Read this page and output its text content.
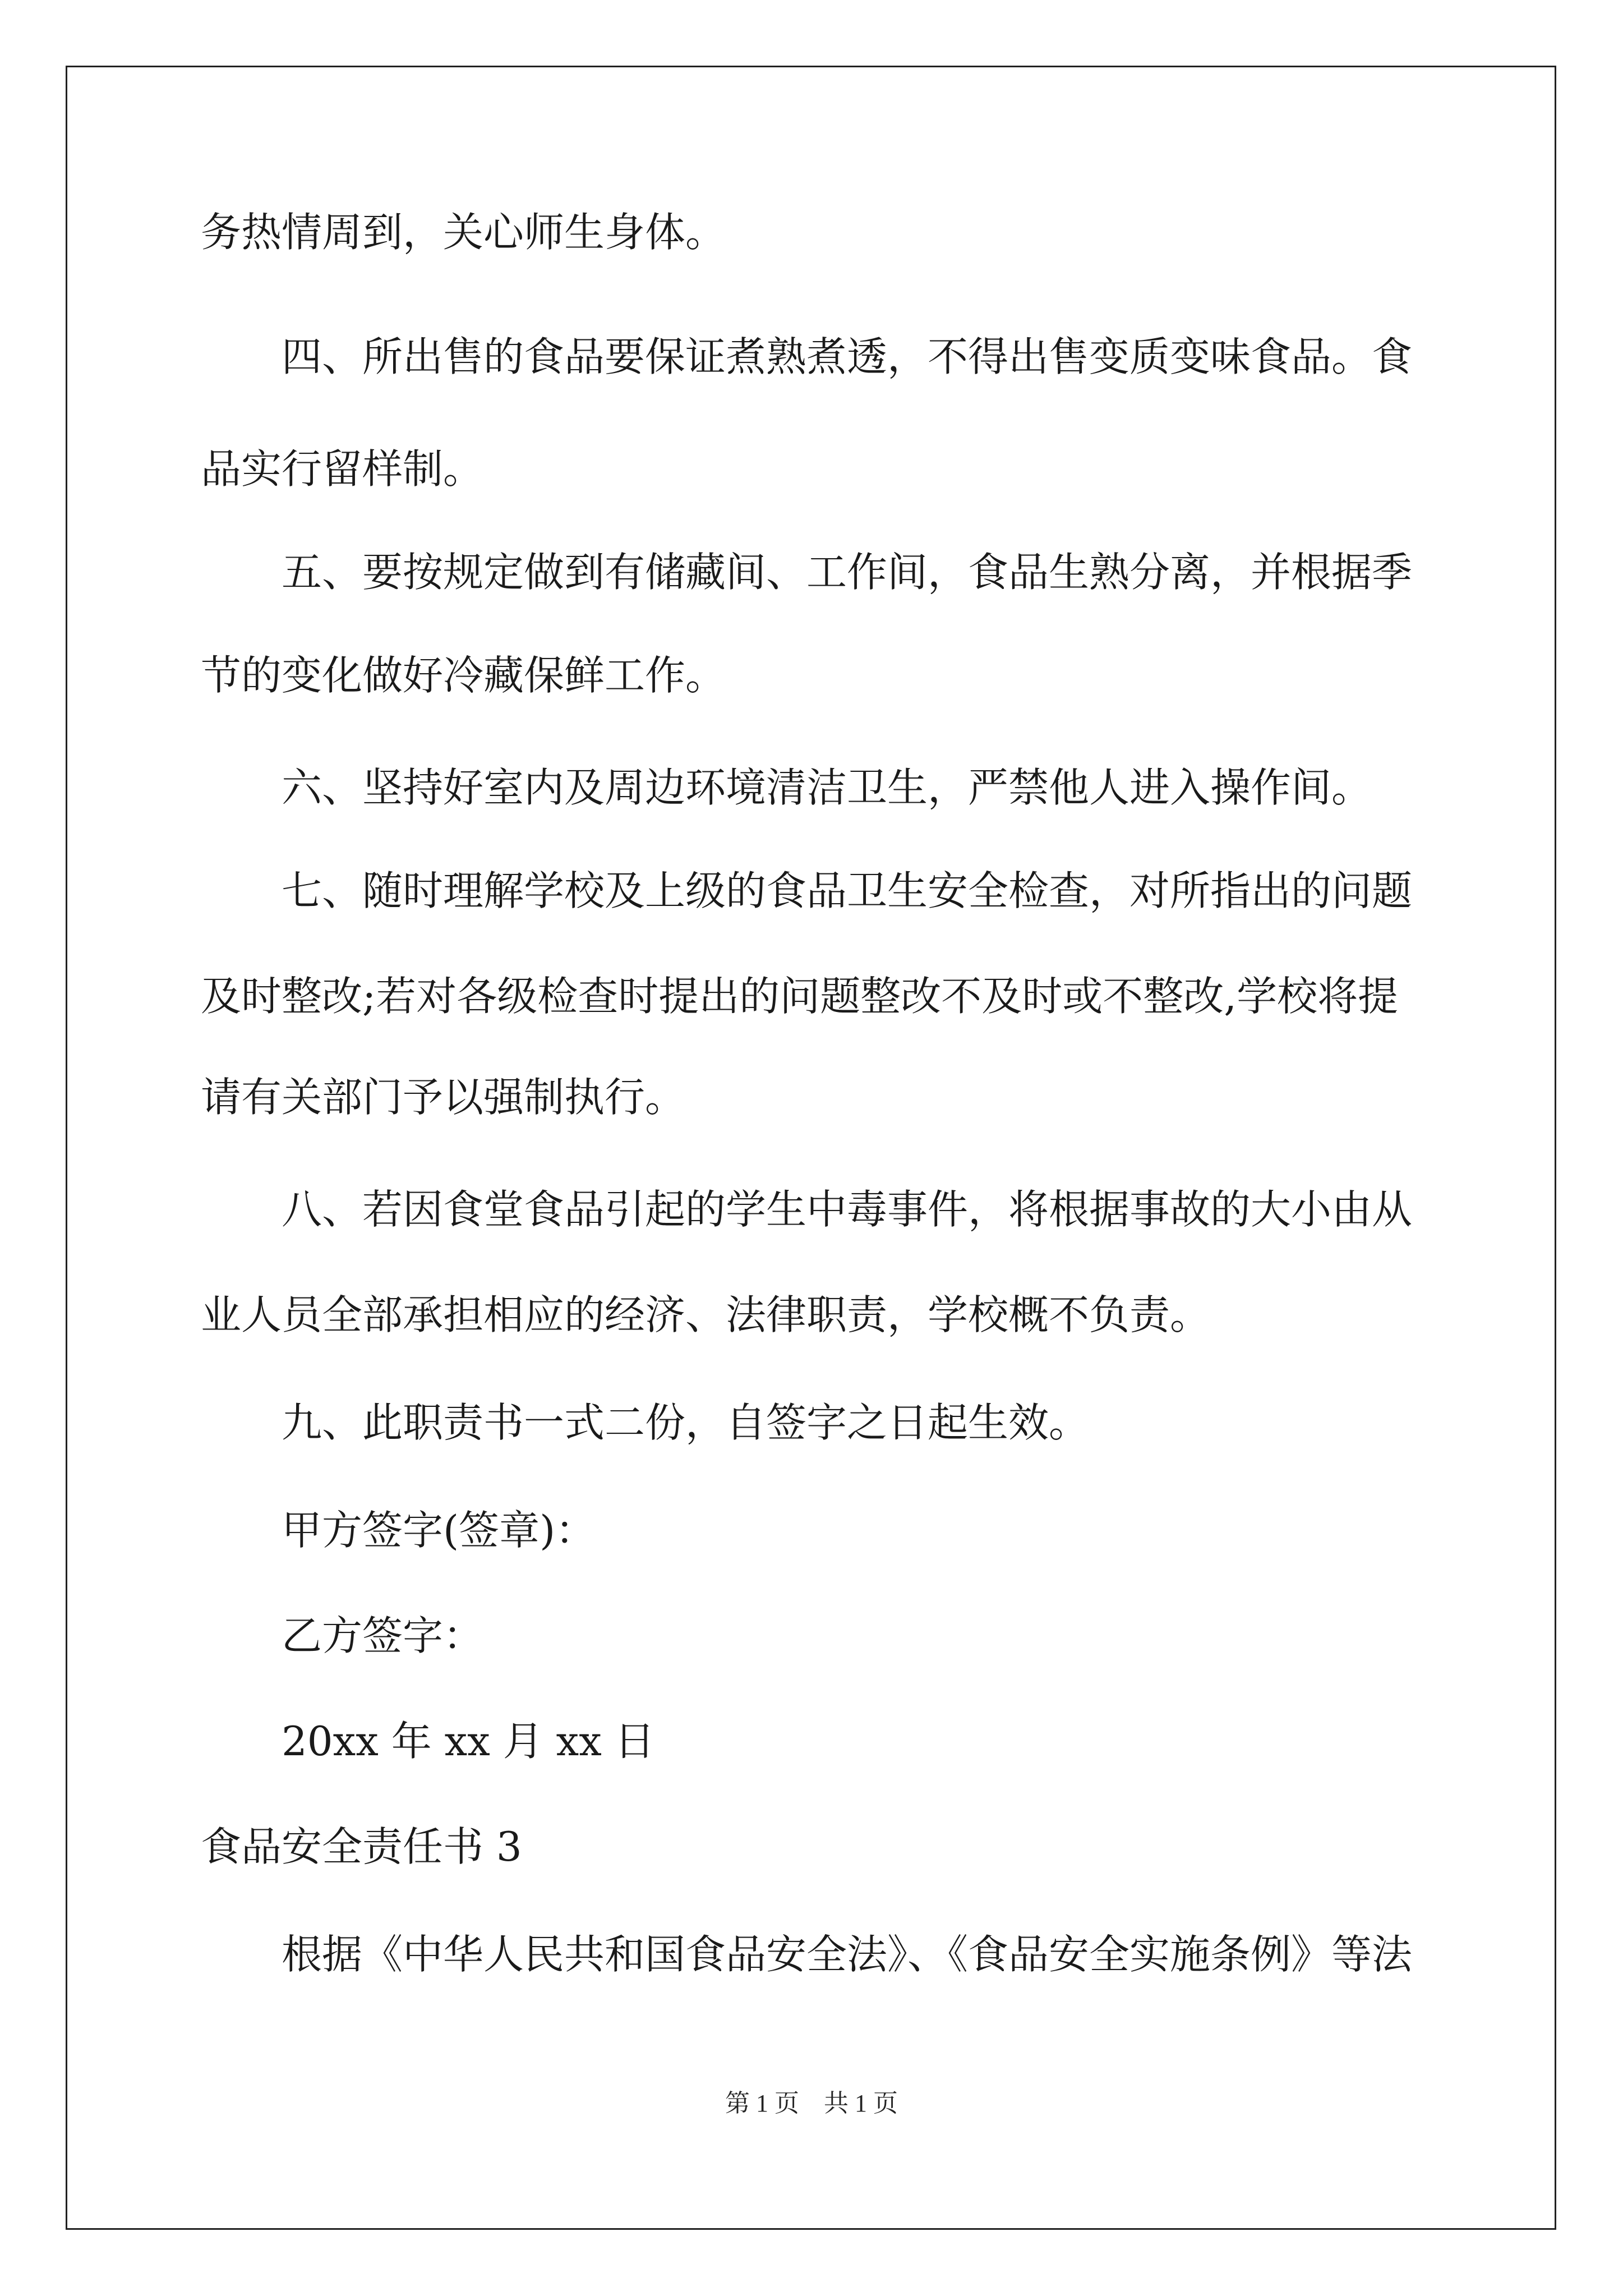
务热情周到，关心师生身体。
四、所出售的食品要保证煮熟煮透，不得出售变质变味食品。食
品实行留样制。
五、要按规定做到有储藏间、工作间，食品生熟分离，并根据季
节的变化做好冷藏保鲜工作。
六、坚持好室内及周边环境清洁卫生，严禁他人进入操作间。
七、随时理解学校及上级的食品卫生安全检查，对所指出的问题
及时整改;若对各级检查时提出的问题整改不及时或不整改,学校将提
请有关部门予以强制执行。
八、若因食堂食品引起的学生中毒事件，将根据事故的大小由从
业人员全部承担相应的经济、法律职责，学校概不负责。
九、此职责书一式二份，自签字之日起生效。
甲方签字(签章)：
乙方签字：
20xx 年 xx 月 xx 日
食品安全责任书 3
根据《中华人民共和国食品安全法》、《食品安全实施条例》等法
第 1 页　共 1 页
